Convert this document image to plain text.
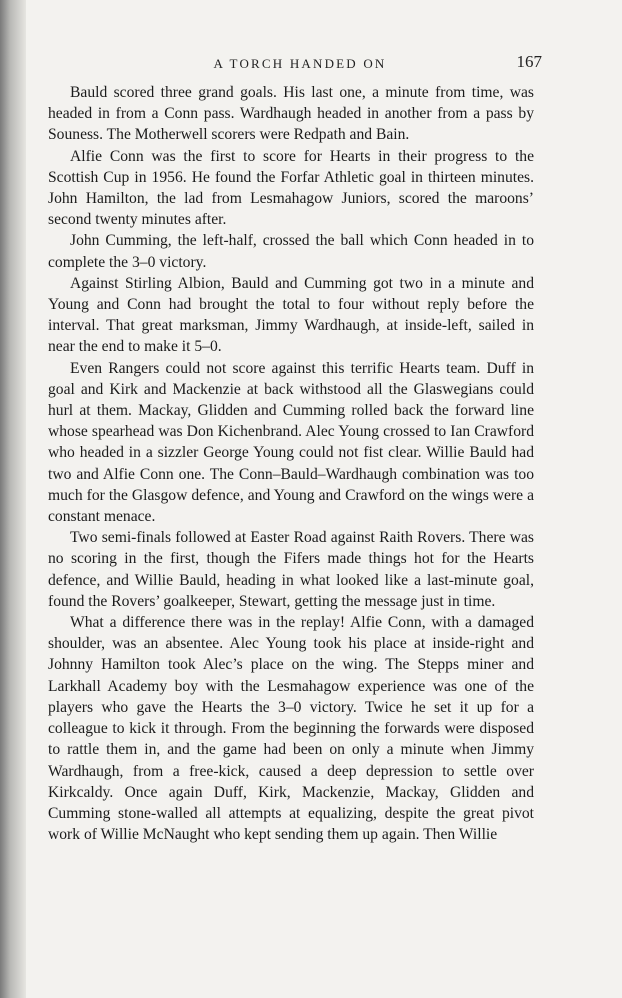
A TORCH HANDED ON	167

Bauld scored three grand goals. His last one, a minute from time, was headed in from a Conn pass. Wardhaugh headed in another from a pass by Souness. The Motherwell scorers were Redpath and Bain.

Alfie Conn was the first to score for Hearts in their progress to the Scottish Cup in 1956. He found the Forfar Athletic goal in thirteen minutes. John Hamilton, the lad from Lesmahagow Juniors, scored the maroons’ second twenty minutes after.

John Cumming, the left-half, crossed the ball which Conn headed in to complete the 3–0 victory.

Against Stirling Albion, Bauld and Cumming got two in a minute and Young and Conn had brought the total to four without reply before the interval. That great marksman, Jimmy Wardhaugh, at inside-left, sailed in near the end to make it 5–0.

Even Rangers could not score against this terrific Hearts team. Duff in goal and Kirk and Mackenzie at back withstood all the Glaswegians could hurl at them. Mackay, Glidden and Cumming rolled back the forward line whose spearhead was Don Kichenbrand. Alec Young crossed to Ian Crawford who headed in a sizzler George Young could not fist clear. Willie Bauld had two and Alfie Conn one. The Conn–Bauld–Wardhaugh combination was too much for the Glasgow defence, and Young and Crawford on the wings were a constant menace.

Two semi-finals followed at Easter Road against Raith Rovers. There was no scoring in the first, though the Fifers made things hot for the Hearts defence, and Willie Bauld, heading in what looked like a last-minute goal, found the Rovers’ goalkeeper, Stewart, getting the message just in time.

What a difference there was in the replay! Alfie Conn, with a damaged shoulder, was an absentee. Alec Young took his place at inside-right and Johnny Hamilton took Alec’s place on the wing. The Stepps miner and Larkhall Academy boy with the Lesmahagow experience was one of the players who gave the Hearts the 3–0 victory. Twice he set it up for a colleague to kick it through. From the beginning the forwards were disposed to rattle them in, and the game had been on only a minute when Jimmy Wardhaugh, from a free-kick, caused a deep depression to settle over Kirkcaldy. Once again Duff, Kirk, Mackenzie, Mackay, Glidden and Cumming stone-walled all attempts at equalizing, despite the great pivot work of Willie McNaught who kept sending them up again. Then Willie
